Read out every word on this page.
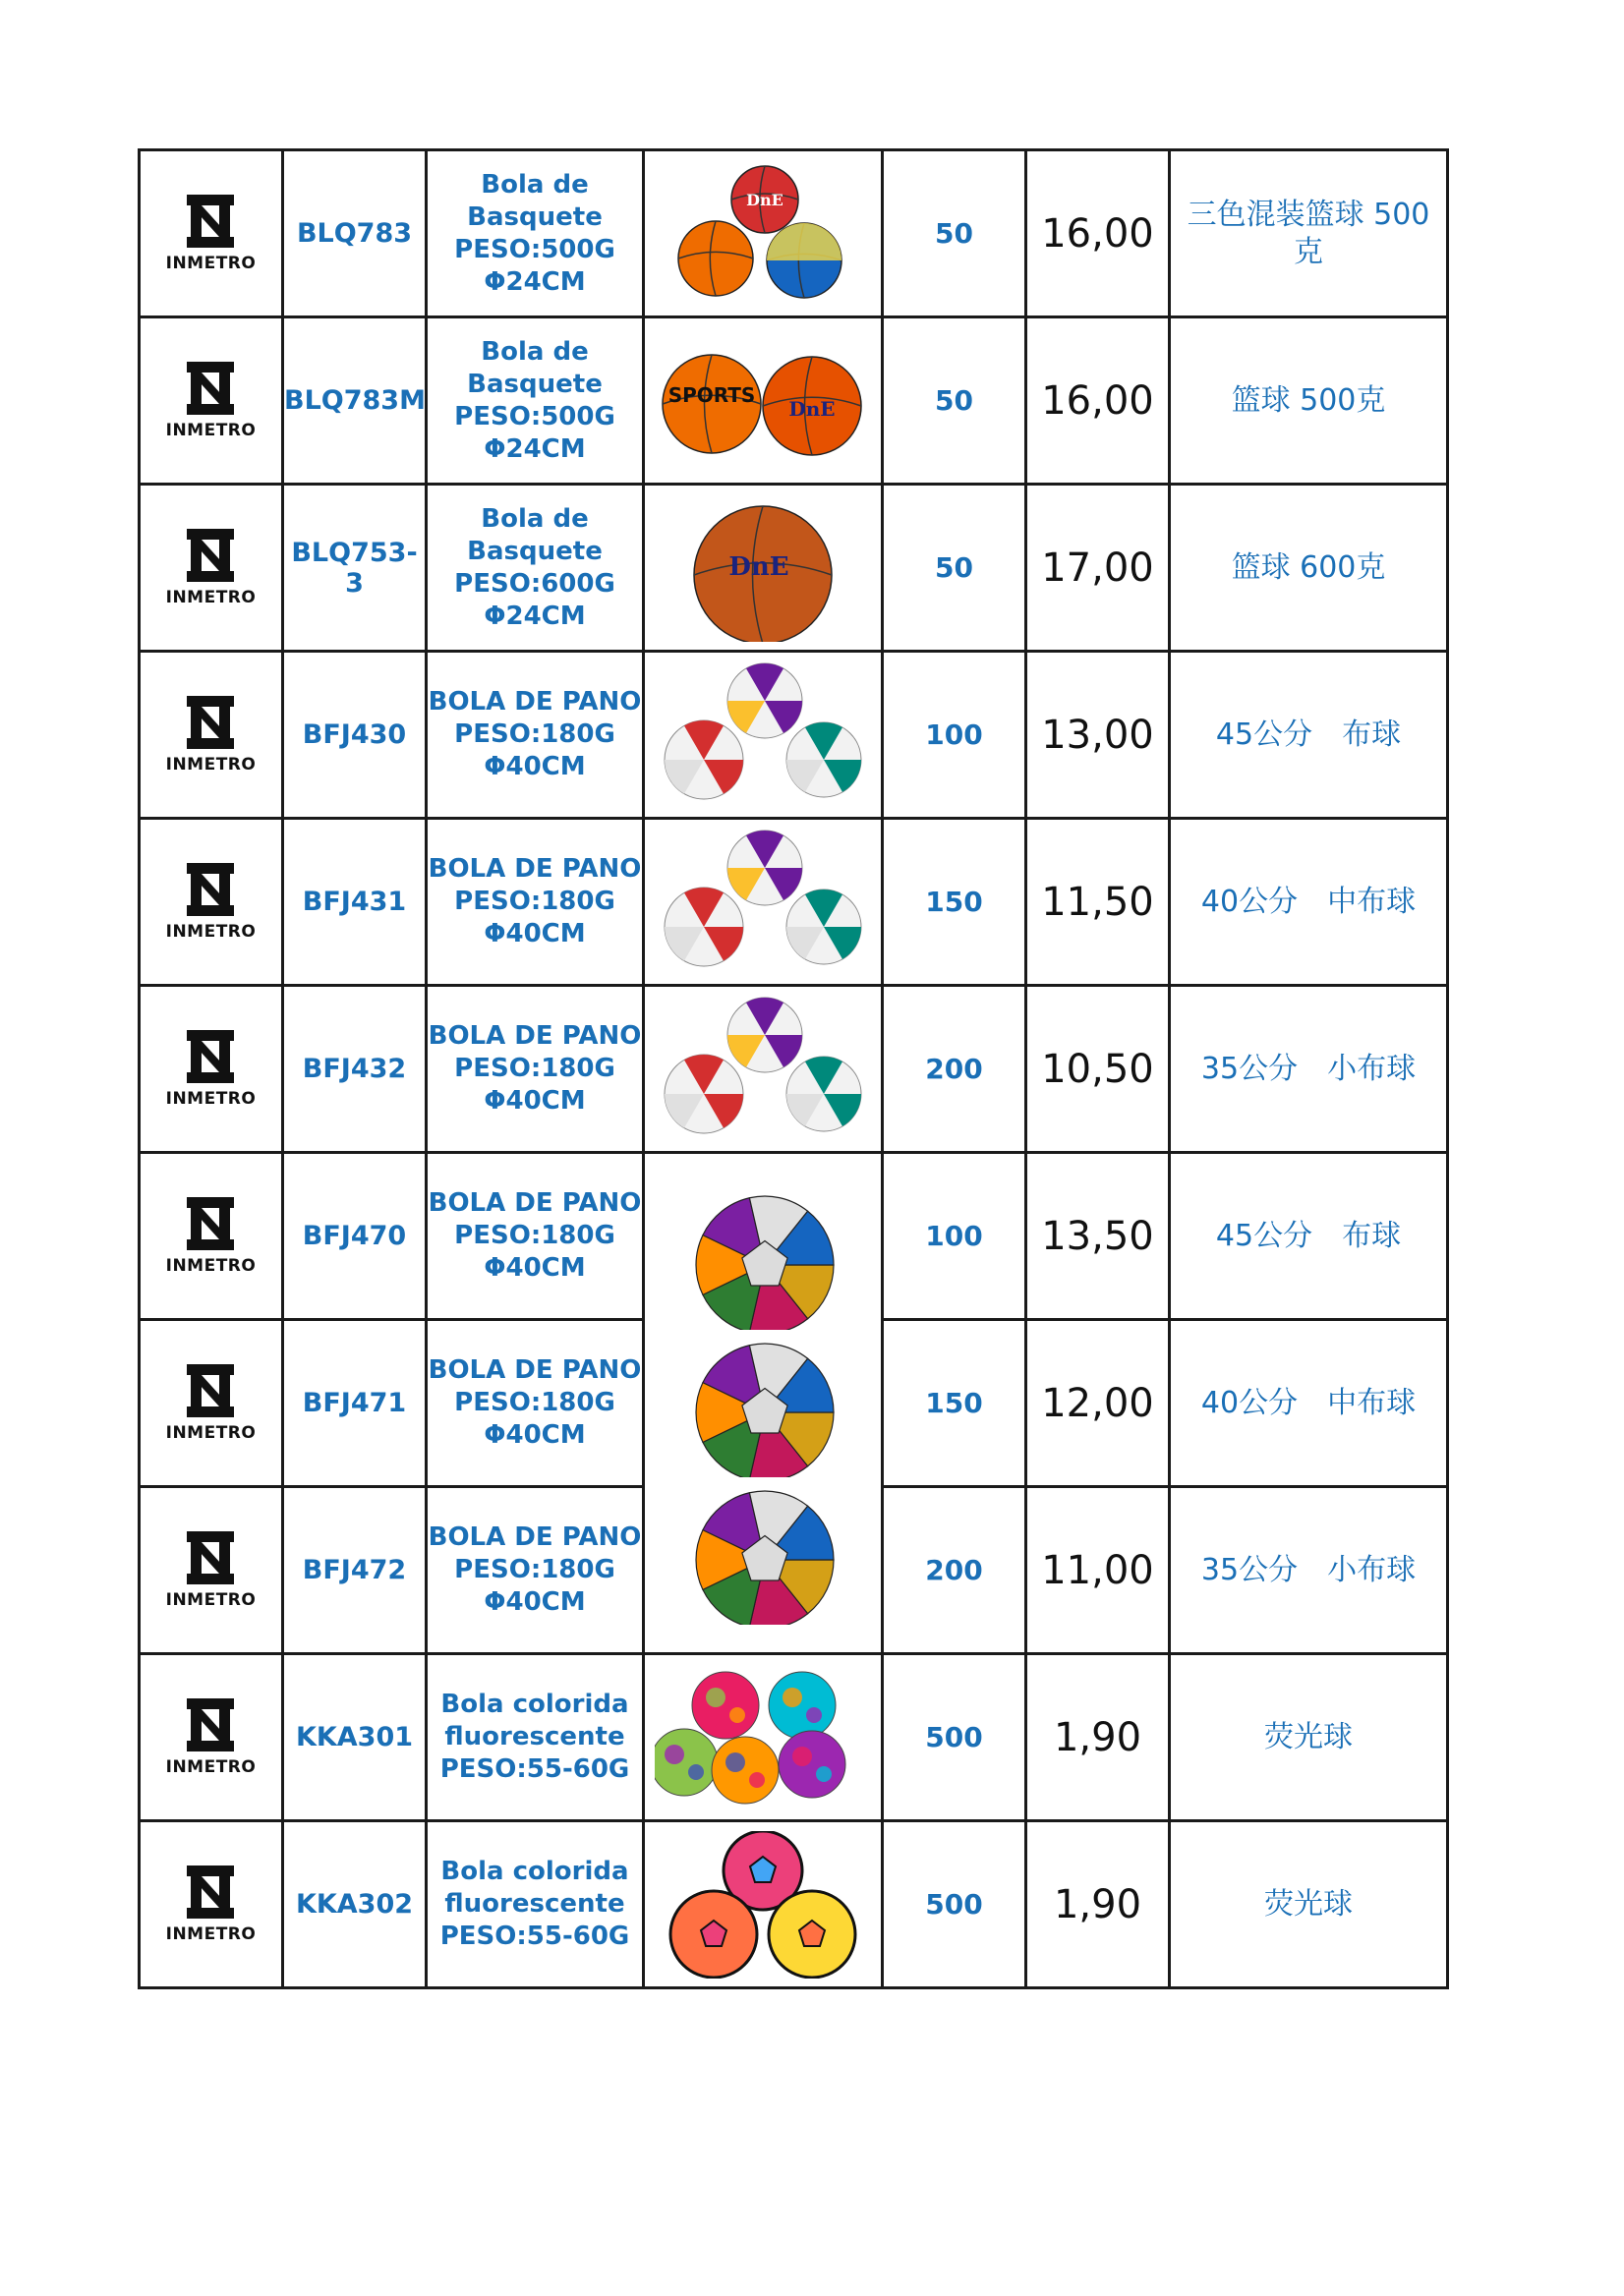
INMETRO	BLQ783	Bola de
Basquete
PESO:500G
Φ24CM	DnE	50	16,00	三色混装篮球 500克

INMETRO	BLQ783M	Bola de
Basquete
PESO:500G
Φ24CM	SPORTS
DnE	50	16,00	篮球 500克

INMETRO	BLQ753-3	Bola de
Basquete
PESO:600G
Φ24CM	DnE	50	17,00	篮球 600克

INMETRO	BFJ430	BOLA DE PANO
PESO:180G
Φ40CM		100	13,00	45公分　布球

INMETRO	BFJ431	BOLA DE PANO
PESO:180G
Φ40CM		150	11,50	40公分　中布球

INMETRO	BFJ432	BOLA DE PANO
PESO:180G
Φ40CM		200	10,50	35公分　小布球

INMETRO	BFJ470	BOLA DE PANO
PESO:180G
Φ40CM		100	13,50	45公分　布球

INMETRO	BFJ471	BOLA DE PANO
PESO:180G
Φ40CM		150	12,00	40公分　中布球

INMETRO	BFJ472	BOLA DE PANO
PESO:180G
Φ40CM		200	11,00	35公分　小布球

INMETRO	KKA301	Bola colorida
fluorescente
PESO:55-60G		500	1,90	荧光球

INMETRO	KKA302	Bola colorida
fluorescente
PESO:55-60G		500	1,90	荧光球
